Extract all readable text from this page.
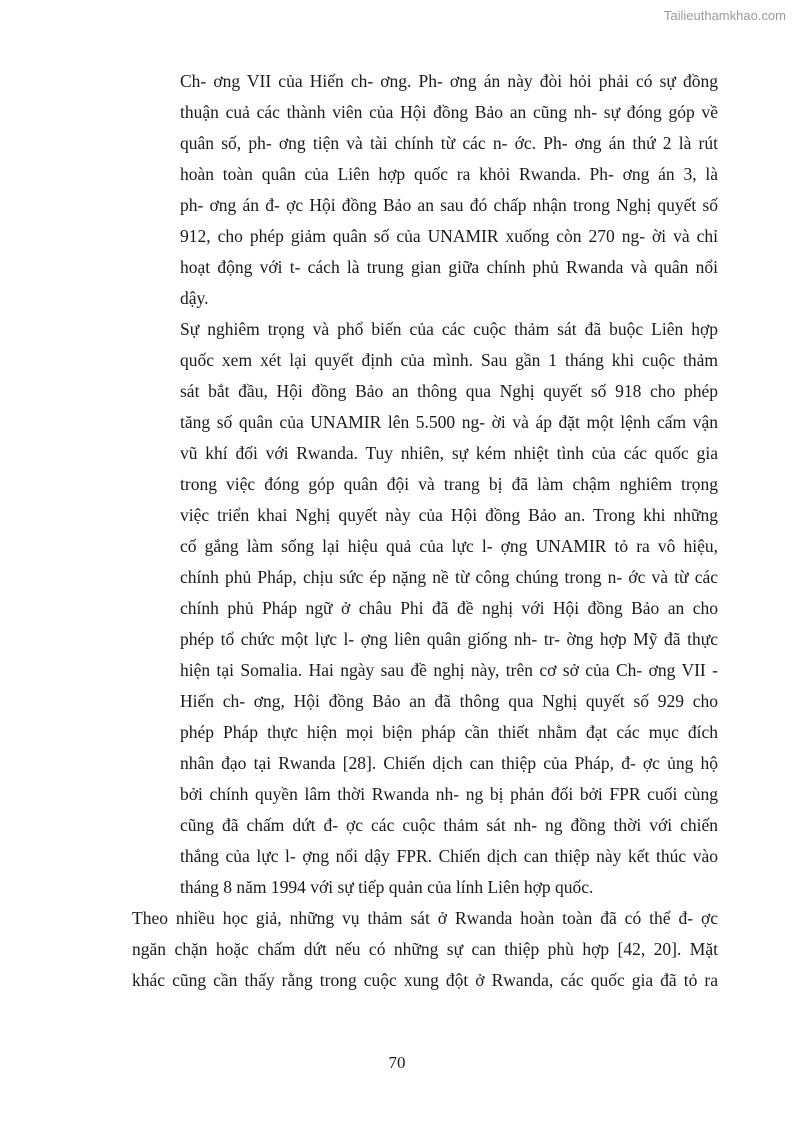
Tailieuthamkhao.com
Ch- ơng VII của Hiến ch- ơng. Ph- ơng án này đòi hỏi phải có sự đồng
thuận cuả các thành viên của Hội đồng Bảo an cũng nh- sự đóng góp về
quân số, ph- ơng tiện và tài chính từ các n- ớc. Ph- ơng án thứ 2 là rút
hoàn toàn quân của Liên hợp quốc ra khỏi Rwanda. Ph- ơng án 3, là
ph- ơng án đ- ợc Hội đồng Bảo an sau đó chấp nhận trong Nghị quyết số
912, cho phép giảm quân số của UNAMIR xuống còn 270 ng- ời và chỉ
hoạt động với t- cách là trung gian giữa chính phủ Rwanda và quân nổi
dậy.
Sự nghiêm trọng và phổ biến của các cuộc thảm sát đã buộc Liên hợp
quốc xem xét lại quyết định của mình. Sau gần 1 tháng khi cuộc thảm
sát bắt đầu, Hội đồng Bảo an thông qua Nghị quyết số 918 cho phép
tăng số quân của UNAMIR lên 5.500 ng- ời và áp đặt một lệnh cấm vận
vũ khí đối với Rwanda. Tuy nhiên, sự kém nhiệt tình của các quốc gia
trong việc đóng góp quân đội và trang bị đã làm chậm nghiêm trọng
việc triển khai Nghị quyết này của Hội đồng Bảo an. Trong khi những
cố gắng làm sống lại hiệu quả của lực l- ợng UNAMIR tỏ ra vô hiệu,
chính phủ Pháp, chịu sức ép nặng nề từ công chúng trong n- ớc và từ các
chính phủ Pháp ngữ ở châu Phi đã đề nghị với Hội đồng Bảo an cho
phép tổ chức một lực l- ợng liên quân giống nh- tr- ờng hợp Mỹ đã thực
hiện tại Somalia. Hai ngày sau đề nghị này, trên cơ sở của Ch- ơng VII -
Hiến ch- ơng, Hội đồng Bảo an đã thông qua Nghị quyết số 929 cho
phép Pháp thực hiện mọi biện pháp cần thiết nhằm đạt các mục đích
nhân đạo tại Rwanda [28]. Chiến dịch can thiệp của Pháp, đ- ợc ủng hộ
bởi chính quyền lâm thời Rwanda nh- ng bị phản đối bởi FPR cuối cùng
cũng đã chấm dứt đ- ợc các cuộc thảm sát nh- ng đồng thời với chiến
thắng của lực l- ợng nổi dậy FPR. Chiến dịch can thiệp này kết thúc vào
tháng 8 năm 1994 với sự tiếp quản của lính Liên hợp quốc.
Theo nhiều học giả, những vụ thảm sát ở Rwanda hoàn toàn đã có thể đ- ợc
ngăn chặn hoặc chấm dứt nếu có những sự can thiệp phù hợp [42, 20]. Mặt
khác cũng cần thấy rằng trong cuộc xung đột ở Rwanda, các quốc gia đã tỏ ra
70
